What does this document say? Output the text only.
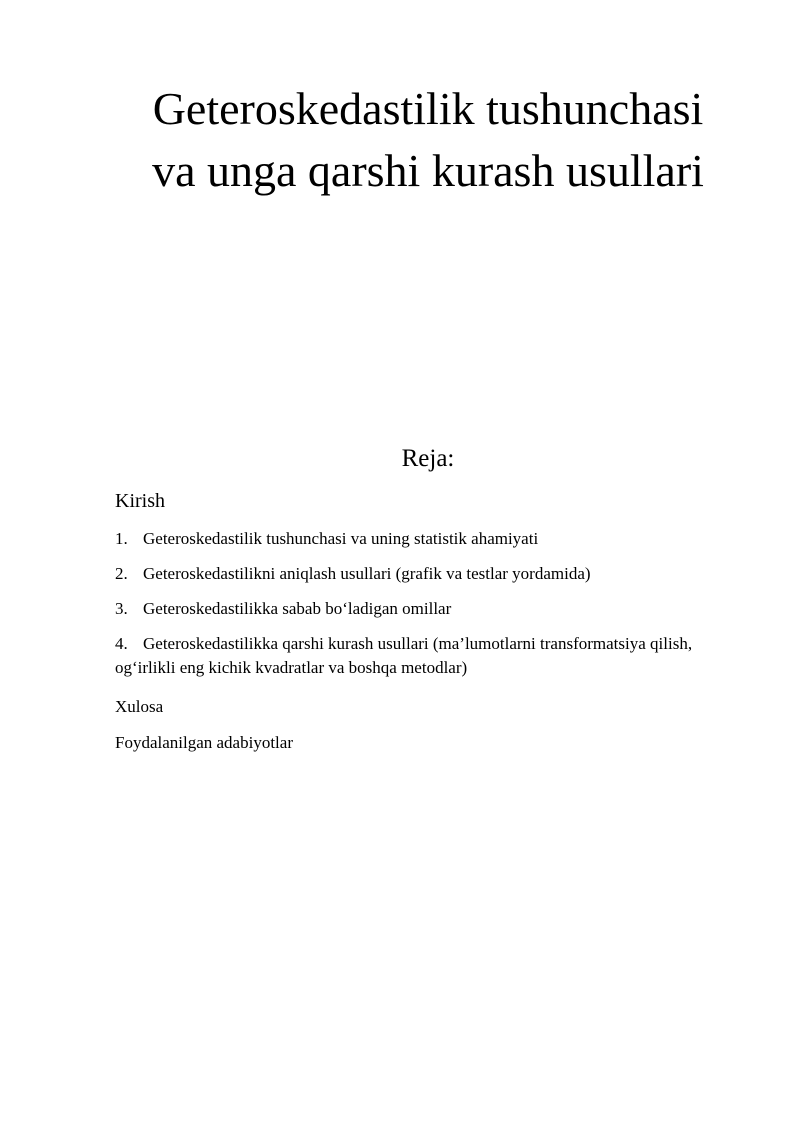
Geteroskedastilik tushunchasi
va unga qarshi kurash usullari
Reja:

Kirish

1. Geteroskedastilik tushunchasi va uning statistik ahamiyati
2. Geteroskedastilikni aniqlash usullari (grafik va testlar yordamida)
3. Geteroskedastilikka sabab bo‘ladigan omillar
4. Geteroskedastilikka qarshi kurash usullari (ma’lumotlarni transformatsiya qilish, og‘irlikli eng kichik kvadratlar va boshqa metodlar)

Xulosa

Foydalanilgan adabiyotlar
